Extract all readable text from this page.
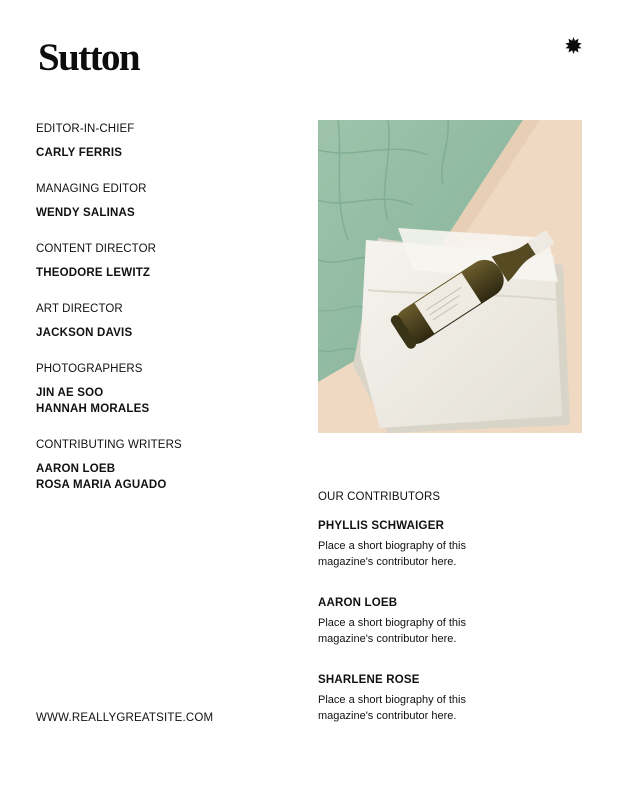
Sutton
EDITOR-IN-CHIEF
CARLY FERRIS
MANAGING EDITOR
WENDY SALINAS
CONTENT DIRECTOR
THEODORE LEWITZ
ART DIRECTOR
JACKSON DAVIS
PHOTOGRAPHERS
JIN AE SOO
HANNAH MORALES
CONTRIBUTING WRITERS
AARON LOEB
ROSA MARIA AGUADO
WWW.REALLYGREATSITE.COM
OUR CONTRIBUTORS
PHYLLIS SCHWAIGER
Place a short biography of this magazine's contributor here.
AARON LOEB
Place a short biography of this magazine's contributor here.
SHARLENE ROSE
Place a short biography of this magazine's contributor here.
